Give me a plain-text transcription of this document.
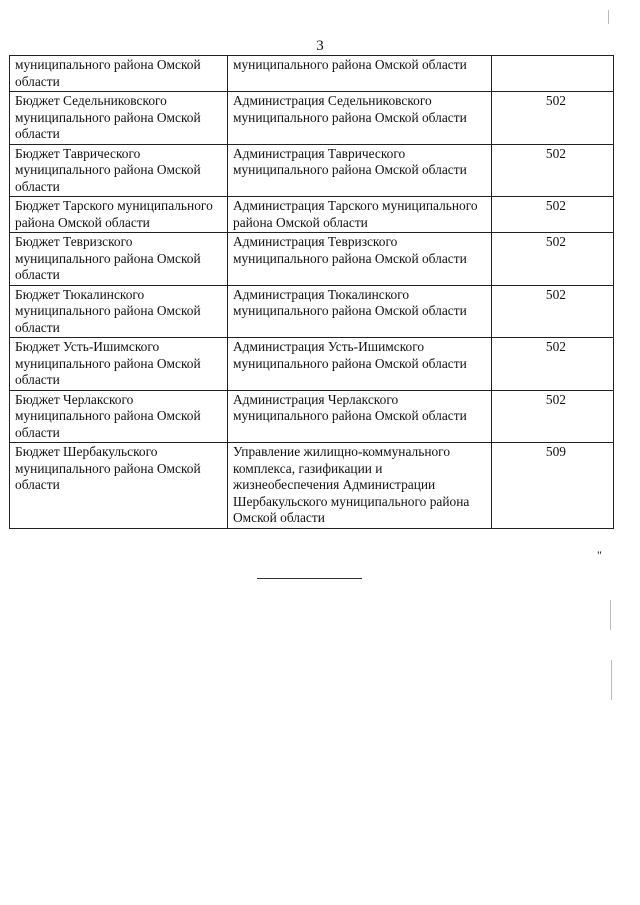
3
муниципального района Омской области	муниципального района Омской области	
Бюджет Седельниковского муниципального района Омской области	Администрация Седельниковского муниципального района Омской области	502
Бюджет Таврического муниципального района Омской области	Администрация Таврического муниципального района Омской области	502
Бюджет Тарского муниципального района Омской области	Администрация Тарского муниципального района Омской области	502
Бюджет Тевризского муниципального района Омской области	Администрация Тевризского муниципального района Омской области	502
Бюджет Тюкалинского муниципального района Омской области	Администрация Тюкалинского муниципального района Омской области	502
Бюджет Усть-Ишимского муниципального района Омской области	Администрация Усть-Ишимского муниципального района Омской области	502
Бюджет Черлакского муниципального района Омской области	Администрация Черлакского муниципального района Омской области	502
Бюджет Шербакульского муниципального района Омской области	Управление жилищно-коммунального комплекса, газификации и жизнеобеспечения Администрации Шербакульского муниципального района Омской области	509
"
